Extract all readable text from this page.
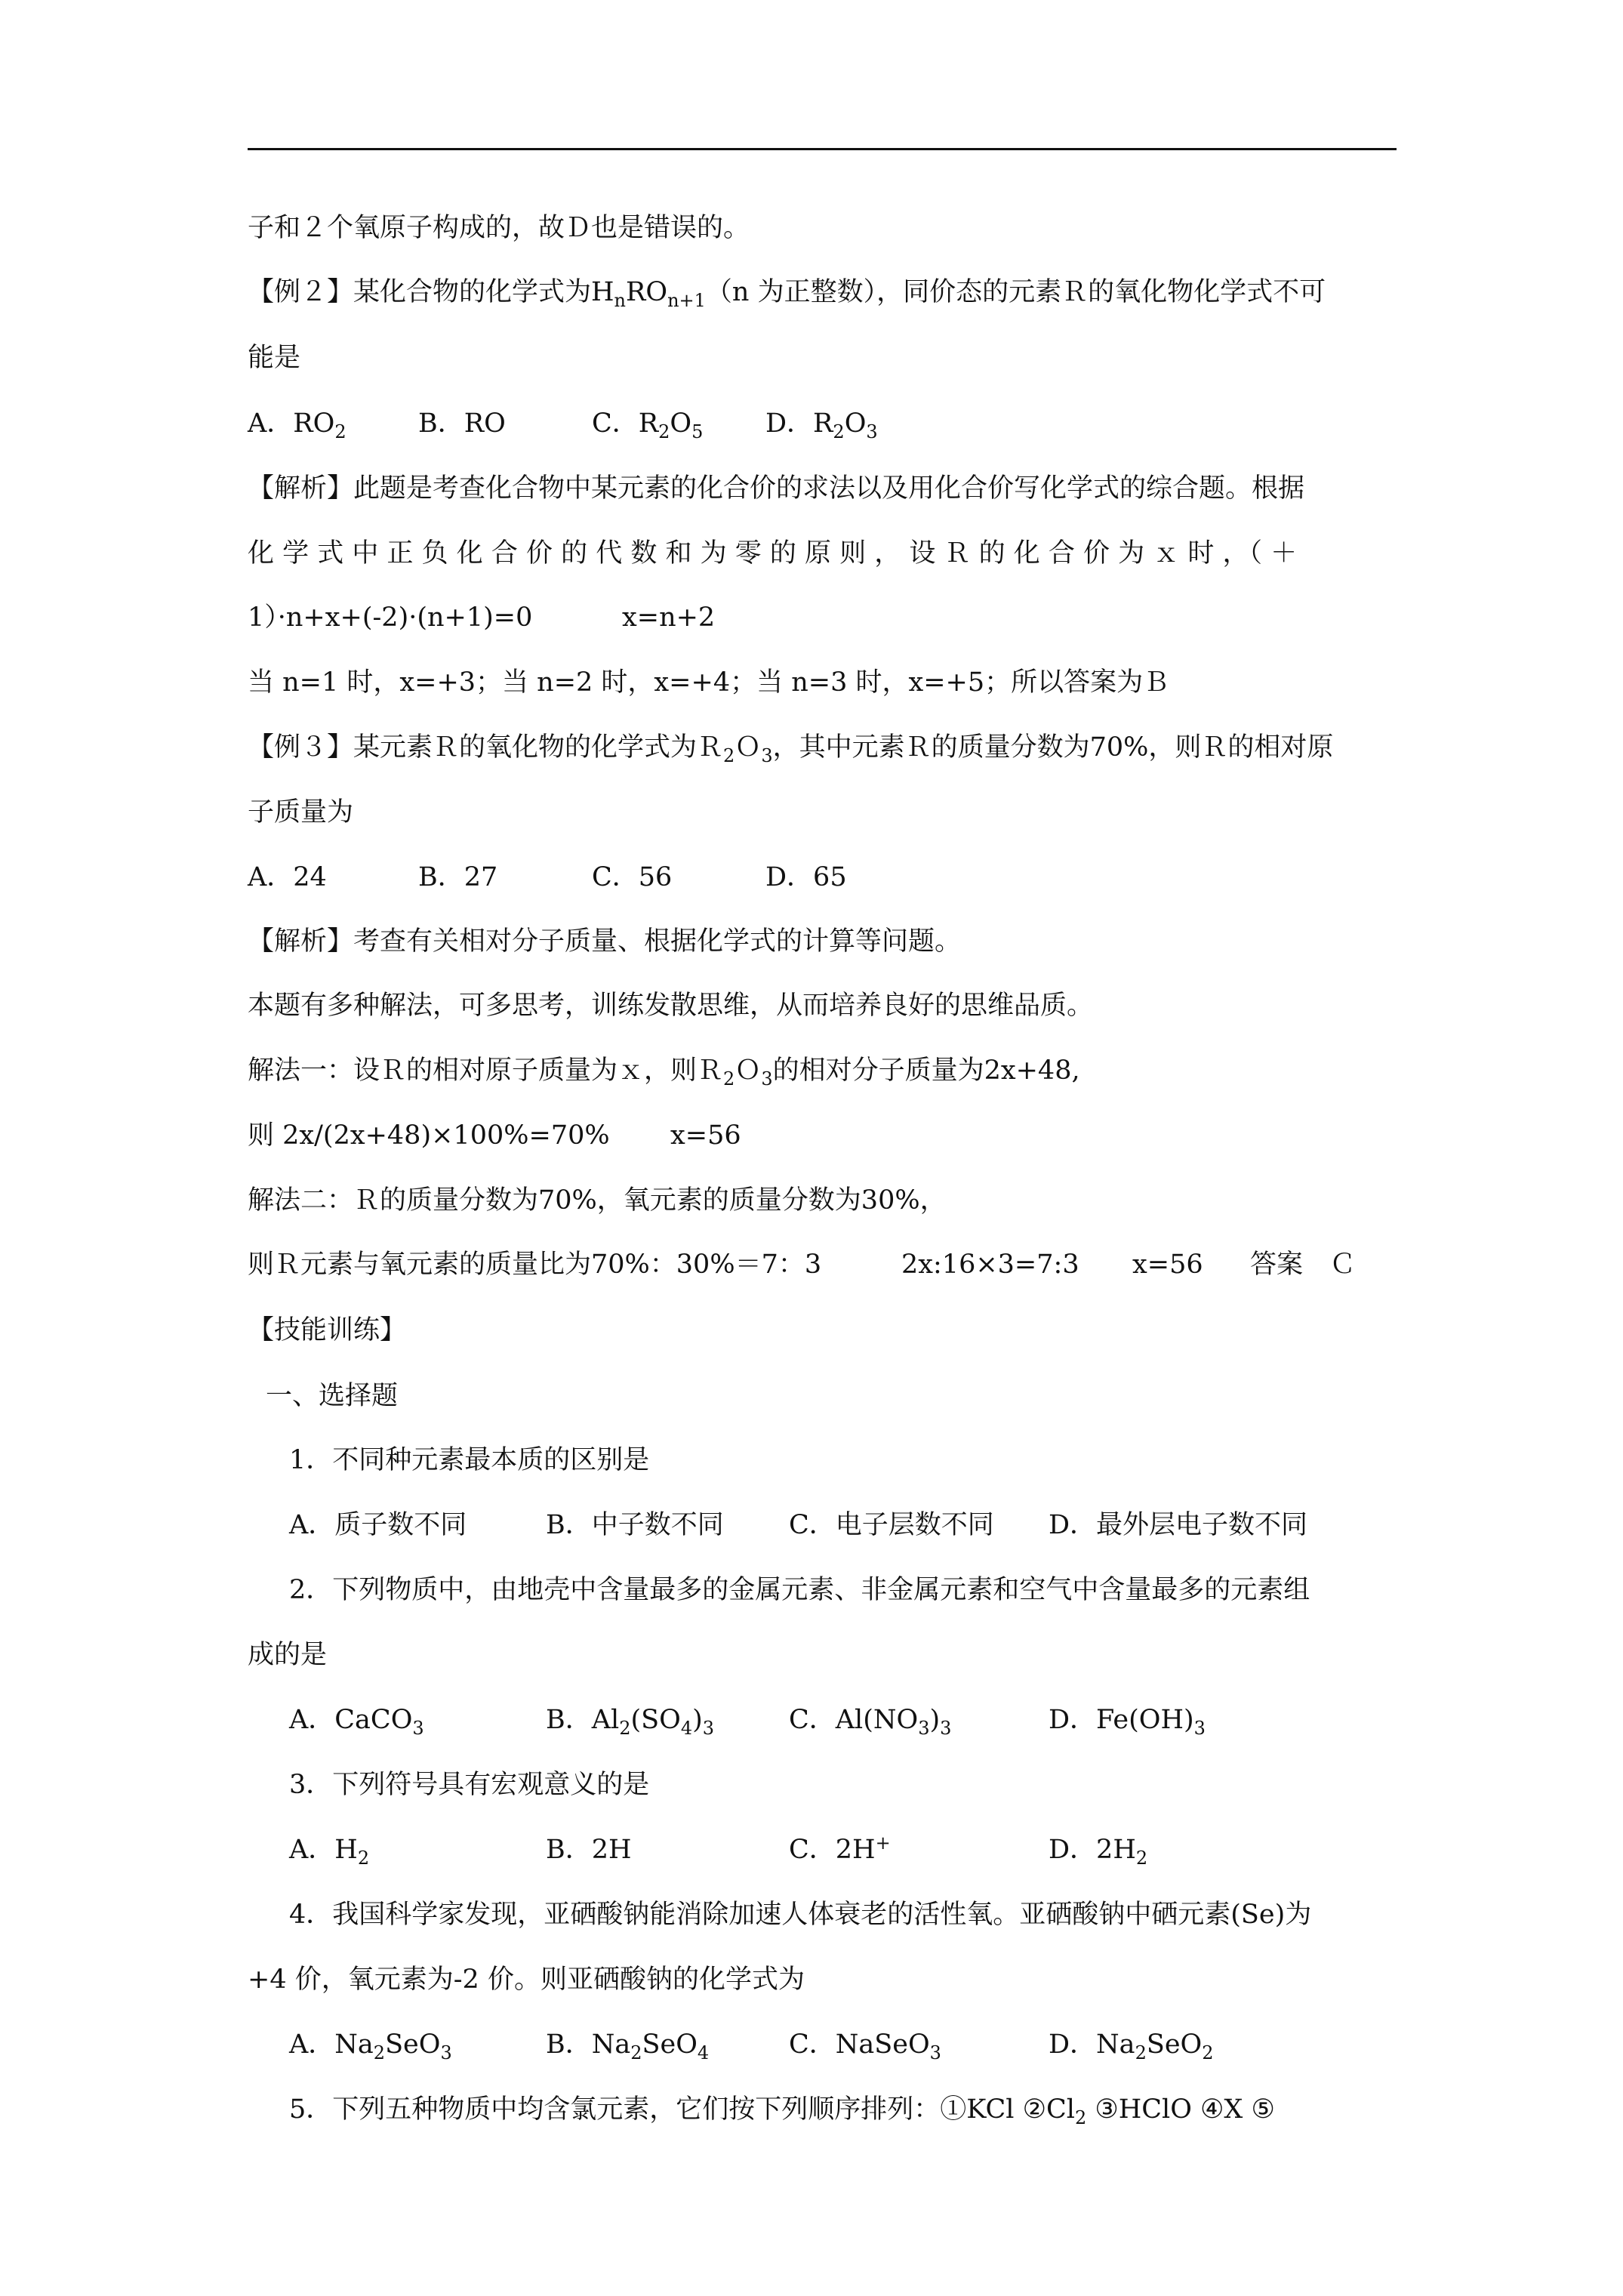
子和２个氧原子构成的，故Ｄ也是错误的。
【例２】某化合物的化学式为$H_nRO_{n+1}(n$ 为正整数），同价态的元素Ｒ的氧化物化学式不可
能是
A．$RO_2$	B．RO	C．$R_2O_5$ D．$R_2O_3$
【解析】此题是考查化合物中某元素的化合价的求法以及用化合价写化学式的综合题。根据
化 学 式 中 正 负 化 合 价 的 代 数 和 为 零 的 原 则 ， 设 Ｒ 的 化 合 价 为 ｘ 时 ，（ ＋
1）·n+x+(-2)·(n+1)=0	x=n+2
当 n=1 时，x=+3；当 n=2 时，x=+4；当 n=3 时，x=+5；所以答案为Ｂ
【例３】某元素Ｒ的氧化物的化学式为Ｒ$_2$Ｏ$_3$，其中元素Ｒ的质量分数为70%，则Ｒ的相对原
子质量为
A．24	B．27	C．56	D．65
【解析】考查有关相对分子质量、根据化学式的计算等问题。
本题有多种解法，可多思考，训练发散思维，从而培养良好的思维品质。
解法一：设Ｒ的相对原子质量为ｘ，则Ｒ$_2$Ｏ$_3$的相对分子质量为2x+48,
则 2x/(2x+48)×100%=70% x=56
解法二：Ｒ的质量分数为70%，氧元素的质量分数为30%，
则Ｒ元素与氧元素的质量比为70%：30%＝7：3	2x:16×3=7:3 x=56 答案　Ｃ
【技能训练】
一、选择题
1．不同种元素最本质的区别是
A．质子数不同	B．中子数不同 C．电子层数不同 D．最外层电子数不同
2．下列物质中，由地壳中含量最多的金属元素、非金属元素和空气中含量最多的元素组
成的是
A．CaCO$_3$	B．$Al_2(SO_4)_3$	C．$Al(NO_3)_3$	D．$Fe(OH)_3$
3．下列符号具有宏观意义的是
A．$H_2$	B．2H	C．2H+	D．$2H_2$
4．我国科学家发现，亚硒酸钠能消除加速人体衰老的活性氧。亚硒酸钠中硒元素(Se)为
+4 价，氧元素为-2 价。则亚硒酸钠的化学式为
A．$Na_2SeO_3$	B．$Na_2SeO_4$	C．NaSeO$_3$	D．$Na_2SeO_2$
5．下列五种物质中均含氯元素，它们按下列顺序排列：①KCl $②Cl_2$ ③HClO ④X ⑤
